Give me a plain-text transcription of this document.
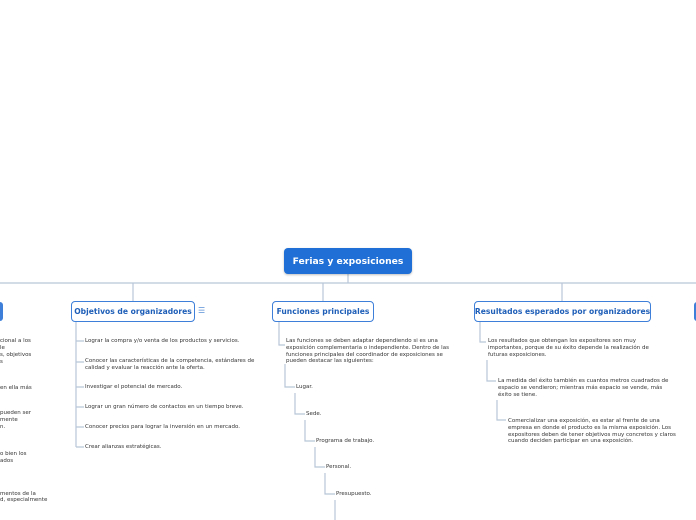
Ferias y exposiciones
Objetivos de organizadores ☰
Lograr la compra y/o venta de los productos y servicios.
Conocer las características de la competencia, estándares de calidad y evaluar la reacción ante la oferta.
Investigar el potencial de mercado.
Lograr un gran número de contactos en un tiempo breve.
Conocer precios para lograr la inversión en un mercado.
Crear alianzas estratégicas.
Funciones principales
Las funciones se deben adaptar dependiendo si es una exposición complementaria o independiente. Dentro de las funciones principales del coordinador de exposiciones se pueden destacar las siguientes:
Lugar.
Sede.
Programa de trabajo.
Personal.
Presupuesto.
Resultados esperados por organizadores
Los resultados que obtengan los expositores son muy importantes, porque de su éxito depende la realización de futuras exposiciones.
La medida del éxito también es cuantos metros cuadrados de espacio se vendieron; mientras más espacio se vende, más éxito se tiene.
Comercializar una exposición, es estar al frente de una empresa en donde el producto es la misma exposición. Los expositores deben de tener objetivos muy concretos y claros cuando deciden participar en una exposición.
cional a los
le
s, objetivos
s
en ella más
pueden ser
mente
n.
o bien los
ados
mentos de la
d, especialmente
